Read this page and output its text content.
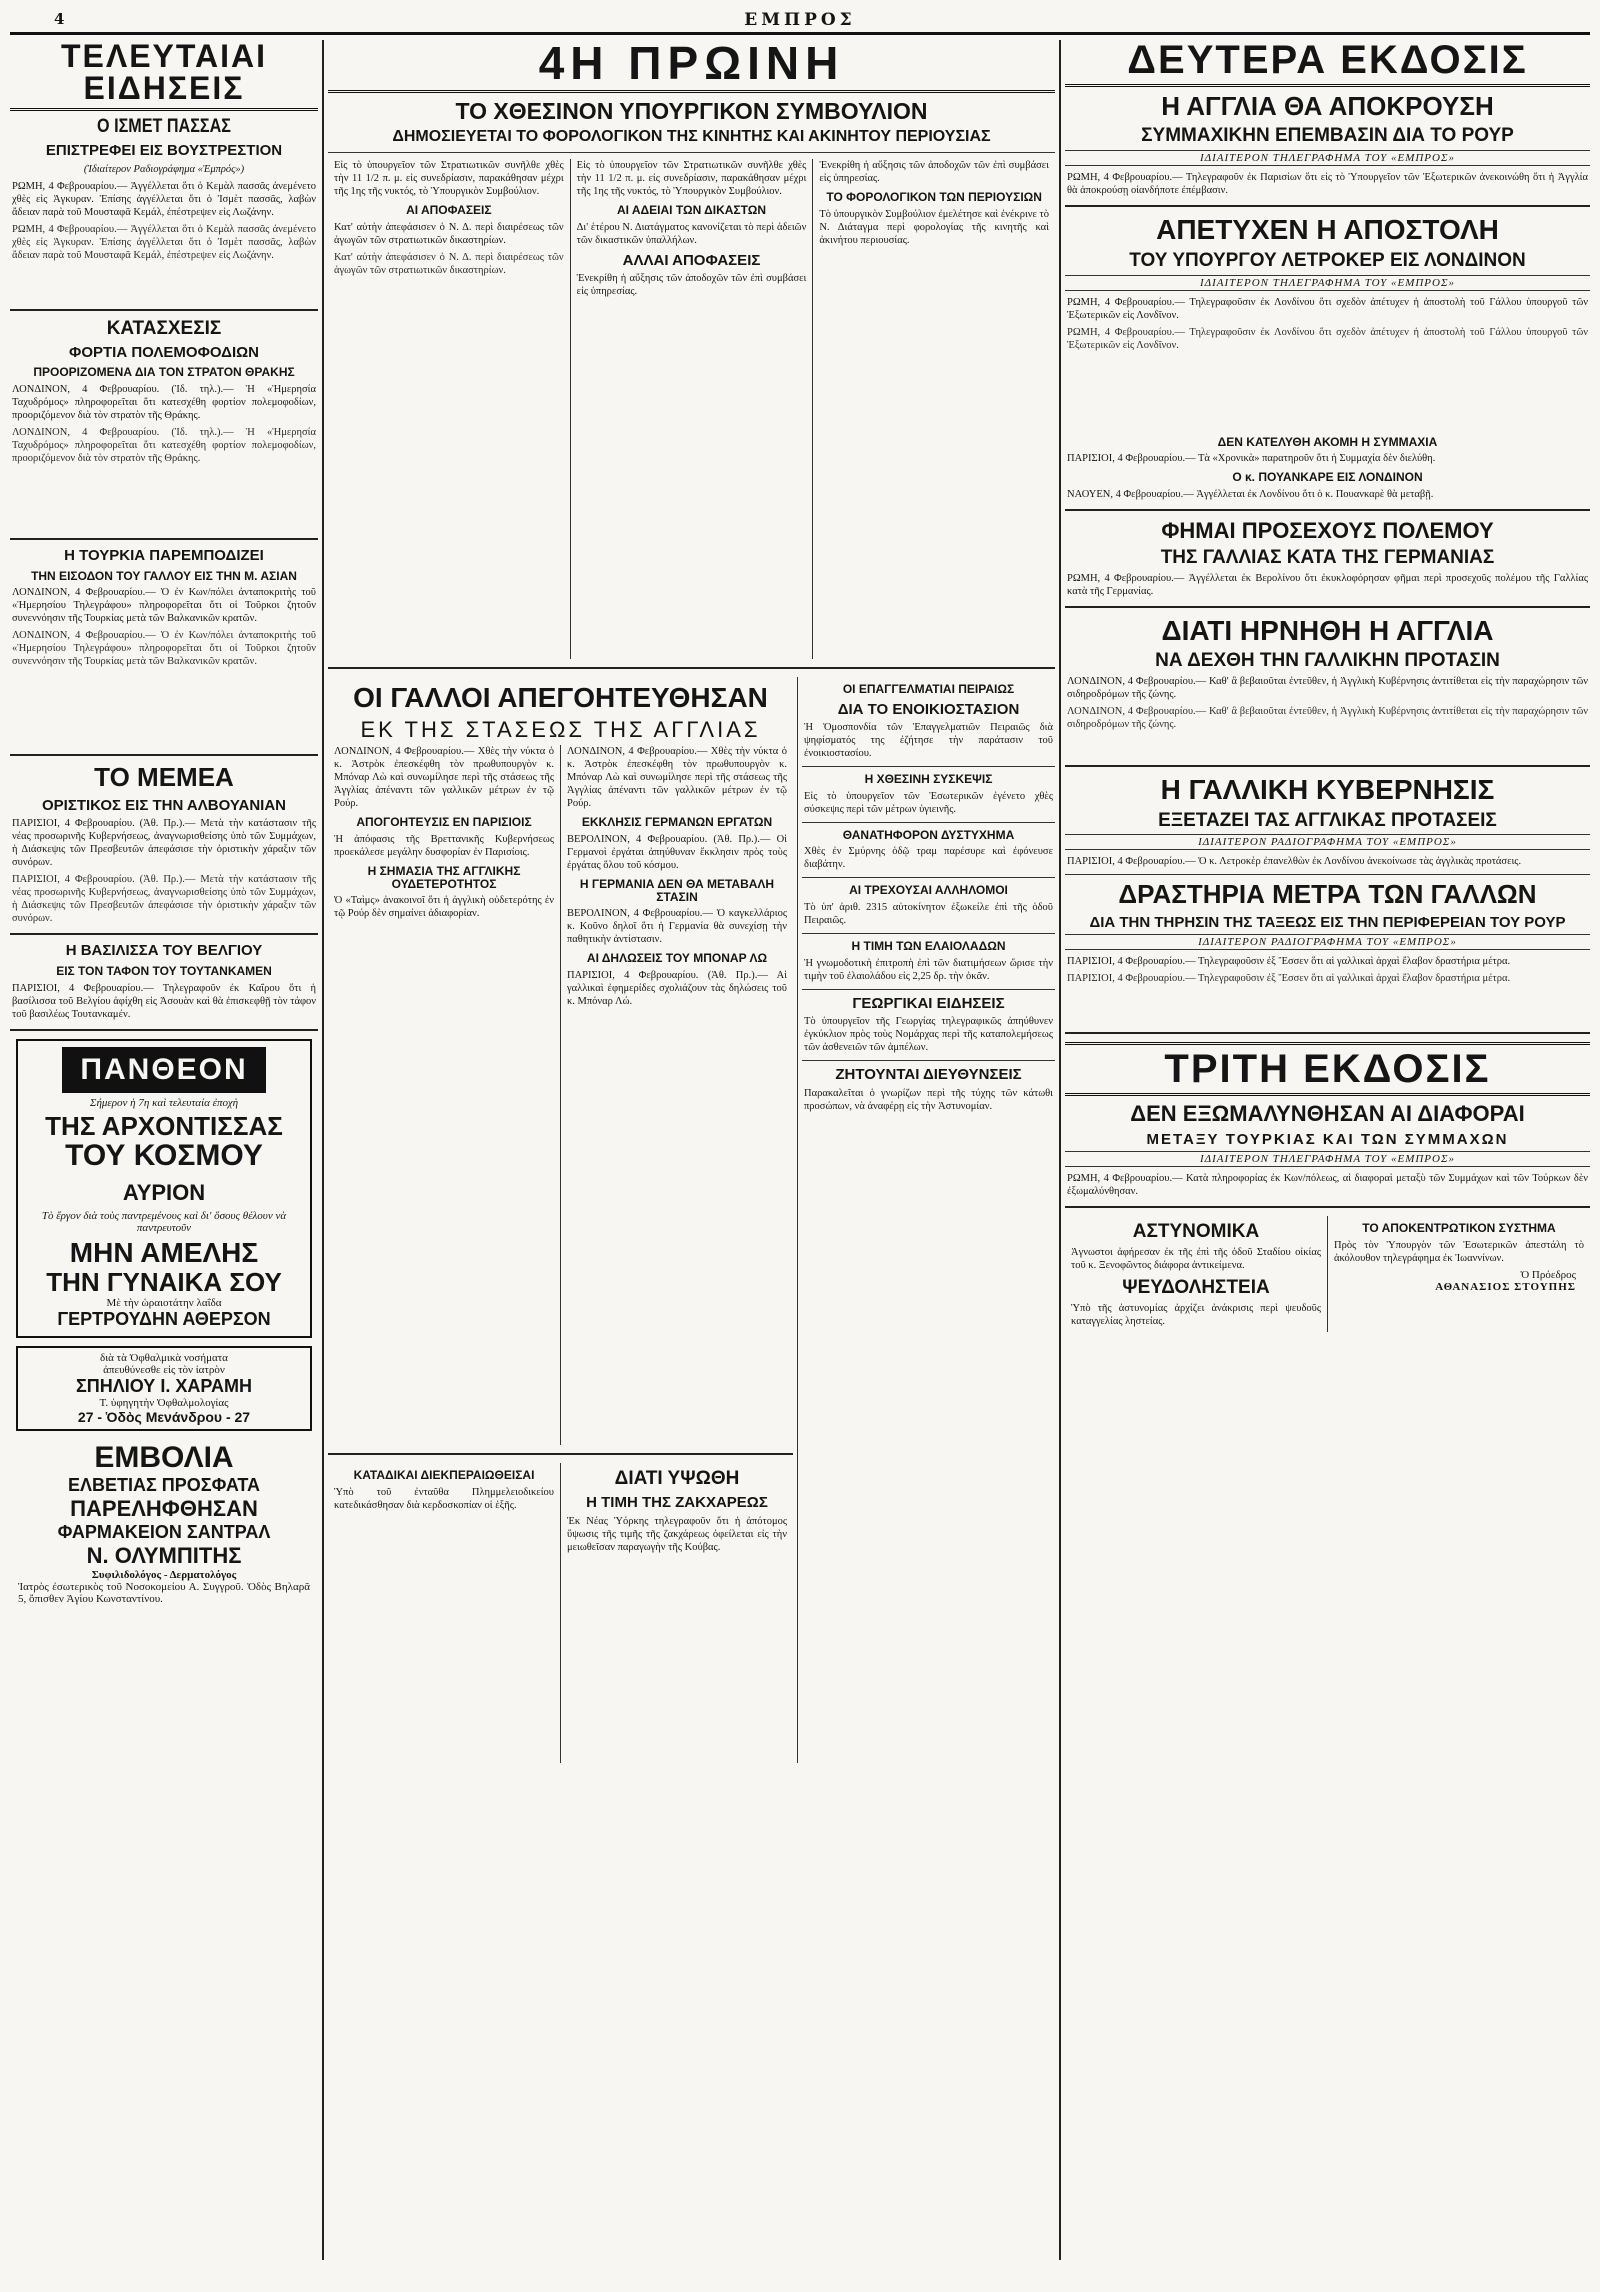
4	ΕΜΠΡΟΣ
ΤΕΛΕΥΤΑΙΑΙ ΕΙΔΗΣΕΙΣ
Ο ΙΣΜΕΤ ΠΑΣΣΑΣ
ΕΠΙΣΤΡΕΦΕΙ ΕΙΣ ΒΟΥΣΤΡΕΣΤΙΟΝ
(Ἰδιαίτερον Ραδιογράφημα «Ἐμπρός»)

ΡΩΜΗ, 4 Φεβρουαρίου.— Ἀγγέλλεται ὅτι ὁ Κεμὰλ πασσᾶς ἀνεμένετο χθὲς εἰς Ἀγκυραν. Ἐπίσης ἀγγέλλεται ὅτι ὁ Ἰσμὲτ πασσᾶς, λαβὼν ἄδειαν παρὰ τοῦ Μουσταφᾶ Κεμάλ, ἐπέστρεψεν εἰς Λωζάνην.

ΡΩΜΗ, 4 Φεβρουαρίου.— Ἀγγέλλεται ὅτι ὁ Κεμὰλ πασσᾶς ἀνεμένετο χθὲς εἰς Ἀγκυραν. Ἐπίσης ἀγγέλλεται ὅτι ὁ Ἰσμὲτ πασσᾶς, λαβὼν ἄδειαν παρὰ τοῦ Μουσταφᾶ Κεμάλ, ἐπέστρεψεν εἰς Λωζάνην.
ΚΑΤΑΣΧΕΣΙΣ
ΦΟΡΤΙΑ ΠΟΛΕΜΟΦΟΔΙΩΝ
ΠΡΟΟΡΙΖΟΜΕΝΑ ΔΙΑ ΤΟΝ ΣΤΡΑΤΟΝ ΘΡΑΚΗΣ

ΛΟΝΔΙΝΟΝ, 4 Φεβρουαρίου. (Ἰδ. τηλ.).— Ἡ «Ἡμερησία Ταχυδρόμος» πληροφορεῖται ὅτι κατεσχέθη φορτίον πολεμοφοδίων, προοριζόμενον διὰ τὸν στρατὸν τῆς Θράκης.

ΛΟΝΔΙΝΟΝ, 4 Φεβρουαρίου. (Ἰδ. τηλ.).— Ἡ «Ἡμερησία Ταχυδρόμος» πληροφορεῖται ὅτι κατεσχέθη φορτίον πολεμοφοδίων, προοριζόμενον διὰ τὸν στρατὸν τῆς Θράκης.
Η ΤΟΥΡΚΙΑ ΠΑΡΕΜΠΟΔΙΖΕΙ
ΤΗΝ ΕΙΣΟΔΟΝ ΤΟΥ ΓΑΛΛΟΥ ΕΙΣ ΤΗΝ Μ. ΑΣΙΑΝ

ΛΟΝΔΙΝΟΝ, 4 Φεβρουαρίου.— Ὁ ἐν Κων/πόλει ἀνταποκριτὴς τοῦ «Ἡμερησίου Τηλεγράφου» πληροφορεῖται ὅτι οἱ Τοῦρκοι ζητοῦν συνεννόησιν τῆς Τουρκίας μετὰ τῶν Βαλκανικῶν κρατῶν.

ΛΟΝΔΙΝΟΝ, 4 Φεβρουαρίου.— Ὁ ἐν Κων/πόλει ἀνταποκριτὴς τοῦ «Ἡμερησίου Τηλεγράφου» πληροφορεῖται ὅτι οἱ Τοῦρκοι ζητοῦν συνεννόησιν τῆς Τουρκίας μετὰ τῶν Βαλκανικῶν κρατῶν.
ΤΟ ΜΕΜΕΑ
ΟΡΙΣΤΙΚΟΣ ΕΙΣ ΤΗΝ ΑΛΒΟΥΑΝΙΑΝ

ΠΑΡΙΣΙΟΙ, 4 Φεβρουαρίου. (Ἀθ. Πρ.).— Μετὰ τὴν κατάστασιν τῆς νέας προσωρινῆς Κυβερνήσεως, ἀναγνωρισθείσης ὑπὸ τῶν Συμμάχων, ἡ Διάσκεψις τῶν Πρεσβευτῶν ἀπεφάσισε τὴν ὀριστικὴν χάραξιν τῶν συνόρων.

ΠΑΡΙΣΙΟΙ, 4 Φεβρουαρίου. (Ἀθ. Πρ.).— Μετὰ τὴν κατάστασιν τῆς νέας προσωρινῆς Κυβερνήσεως, ἀναγνωρισθείσης ὑπὸ τῶν Συμμάχων, ἡ Διάσκεψις τῶν Πρεσβευτῶν ἀπεφάσισε τὴν ὀριστικὴν χάραξιν τῶν συνόρων.
Η ΒΑΣΙΛΙΣΣΑ ΤΟΥ ΒΕΛΓΙΟΥ
ΕΙΣ ΤΟΝ ΤΑΦΟΝ ΤΟΥ ΤΟΥΤΑΝΚΑΜΕΝ

ΠΑΡΙΣΙΟΙ, 4 Φεβρουαρίου.— Τηλεγραφοῦν ἐκ Καΐρου ὅτι ἡ βασίλισσα τοῦ Βελγίου ἀφίχθη εἰς Ἀσουὰν καὶ θὰ ἐπισκεφθῇ τὸν τάφον τοῦ βασιλέως Τουτανκαμέν.

ΠΑΝΘΕΟΝ
Σήμερον ἡ 7η καὶ τελευταία ἐποχὴ
ΤΗΣ ΑΡΧΟΝΤΙΣΣΑΣ
ΤΟΥ ΚΟΣΜΟΥ
ΑΥΡΙΟΝ
Τὸ ἔργον διὰ τοὺς παντρεμένους καὶ δι' ὅσους θέλουν νὰ παντρευτοῦν
ΜΗΝ ΑΜΕΛΗΣ
ΤΗΝ ΓΥΝΑΙΚΑ ΣΟΥ
Μὲ τὴν ὡραιοτάτην λαΐδα
ΓΕΡΤΡΟΥΔΗΝ ΑΘΕΡΣΟΝ
διὰ τὰ Ὀφθαλμικὰ νοσήματα
ἀπευθύνεσθε εἰς τὸν ἰατρὸν
ΣΠΗΛΙΟΥ Ι. ΧΑΡΑΜΗ
Τ. ὑφηγητὴν Ὀφθαλμολογίας
27 - Ὁδὸς Μενάνδρου - 27
ΕΜΒΟΛΙΑ
ΕΛΒΕΤΙΑΣ ΠΡΟΣΦΑΤΑ
ΠΑΡΕΛΗΦΘΗΣΑΝ
ΦΑΡΜΑΚΕΙΟΝ ΣΑΝΤΡΑΛ
Ν. ΟΛΥΜΠΙΤΗΣ
Συφιλιδολόγος - Δερματολόγος
Ἰατρὸς ἐσωτερικὸς τοῦ Νοσοκομείου Α. Συγγροῦ. Ὁδὸς Βηλαρᾶ 5, ὄπισθεν Ἁγίου Κωνσταντίνου.
4Η ΠΡΩΙΝΗ
ΤΟ ΧΘΕΣΙΝΟΝ ΥΠΟΥΡΓΙΚΟΝ ΣΥΜΒΟΥΛΙΟΝ
ΔΗΜΟΣΙΕΥΕΤΑΙ ΤΟ ΦΟΡΟΛΟΓΙΚΟΝ ΤΗΣ ΚΙΝΗΤΗΣ ΚΑΙ ΑΚΙΝΗΤΟΥ ΠΕΡΙΟΥΣΙΑΣ

Εἰς τὸ ὑπουργεῖον τῶν Στρατιωτικῶν συνῆλθε χθὲς τὴν 11 1/2 π. μ. εἰς συνεδρίασιν, παρακάθησαν μέχρι τῆς 1ης τῆς νυκτός, τὸ Ὑπουργικὸν Συμβούλιον.

ΑΙ ΑΠΟΦΑΣΕΙΣ

Κατ' αὐτὴν ἀπεφάσισεν ὁ Ν. Δ. περὶ διαιρέσεως τῶν ἀγωγῶν τῶν στρατιωτικῶν δικαστηρίων.

Κατ' αὐτὴν ἀπεφάσισεν ὁ Ν. Δ. περὶ διαιρέσεως τῶν ἀγωγῶν τῶν στρατιωτικῶν δικαστηρίων.

Εἰς τὸ ὑπουργεῖον τῶν Στρατιωτικῶν συνῆλθε χθὲς τὴν 11 1/2 π. μ. εἰς συνεδρίασιν, παρακάθησαν μέχρι τῆς 1ης τῆς νυκτός, τὸ Ὑπουργικὸν Συμβούλιον.

ΑΙ ΑΔΕΙΑΙ ΤΩΝ ΔΙΚΑΣΤΩΝ

Δι' ἑτέρου Ν. Διατάγματος κανονίζεται τὸ περὶ ἀδειῶν τῶν δικαστικῶν ὑπαλλήλων.

ΑΛΛΑΙ ΑΠΟΦΑΣΕΙΣ

Ἐνεκρίθη ἡ αὔξησις τῶν ἀποδοχῶν τῶν ἐπὶ συμβάσει εἰς ὑπηρεσίας.

Ἐνεκρίθη ἡ αὔξησις τῶν ἀποδοχῶν τῶν ἐπὶ συμβάσει εἰς ὑπηρεσίας.

ΤΟ ΦΟΡΟΛΟΓΙΚΟΝ ΤΩΝ ΠΕΡΙΟΥΣΙΩΝ

Τὸ ὑπουργικὸν Συμβούλιον ἐμελέτησε καὶ ἐνέκρινε τὸ Ν. Διάταγμα περὶ φορολογίας τῆς κινητῆς καὶ ἀκινήτου περιουσίας.

ΟΙ ΓΑΛΛΟΙ ΑΠΕΓΟΗΤΕΥΘΗΣΑΝ
ΕΚ ΤΗΣ ΣΤΑΣΕΩΣ ΤΗΣ ΑΓΓΛΙΑΣ

ΛΟΝΔΙΝΟΝ, 4 Φεβρουαρίου.— Χθὲς τὴν νύκτα ὁ κ. Ἀστρὸκ ἐπεσκέφθη τὸν πρωθυπουργὸν κ. Μπόναρ Λὼ καὶ συνωμίλησε περὶ τῆς στάσεως τῆς Ἀγγλίας ἀπέναντι τῶν γαλλικῶν μέτρων ἐν τῷ Ρούρ.

ΑΠΟΓΟΗΤΕΥΣΙΣ ΕΝ ΠΑΡΙΣΙΟΙΣ

Ἡ ἀπόφασις τῆς Βρεττανικῆς Κυβερνήσεως προεκάλεσε μεγάλην δυσφορίαν ἐν Παρισίοις.

Η ΣΗΜΑΣΙΑ ΤΗΣ ΑΓΓΛΙΚΗΣ ΟΥΔΕΤΕΡΟΤΗΤΟΣ

Ὁ «Ταὶμς» ἀνακοινοῖ ὅτι ἡ ἀγγλικὴ οὐδετερότης ἐν τῷ Ρούρ δὲν σημαίνει ἀδιαφορίαν.

ΛΟΝΔΙΝΟΝ, 4 Φεβρουαρίου.— Χθὲς τὴν νύκτα ὁ κ. Ἀστρὸκ ἐπεσκέφθη τὸν πρωθυπουργὸν κ. Μπόναρ Λὼ καὶ συνωμίλησε περὶ τῆς στάσεως τῆς Ἀγγλίας ἀπέναντι τῶν γαλλικῶν μέτρων ἐν τῷ Ρούρ.

ΕΚΚΛΗΣΙΣ ΓΕΡΜΑΝΩΝ ΕΡΓΑΤΩΝ

ΒΕΡΟΛΙΝΟΝ, 4 Φεβρουαρίου. (Ἀθ. Πρ.).— Οἱ Γερμανοὶ ἐργάται ἀπηύθυναν ἔκκλησιν πρὸς τοὺς ἐργάτας ὅλου τοῦ κόσμου.

Η ΓΕΡΜΑΝΙΑ ΔΕΝ ΘΑ ΜΕΤΑΒΑΛΗ ΣΤΑΣΙΝ

ΒΕΡΟΛΙΝΟΝ, 4 Φεβρουαρίου.— Ὁ καγκελλάριος κ. Κοῦνο δηλοῖ ὅτι ἡ Γερμανία θὰ συνεχίσῃ τὴν παθητικὴν ἀντίστασιν.

ΑΙ ΔΗΛΩΣΕΙΣ ΤΟΥ ΜΠΟΝΑΡ ΛΩ

ΠΑΡΙΣΙΟΙ, 4 Φεβρουαρίου. (Ἀθ. Πρ.).— Αἱ γαλλικαὶ ἐφημερίδες σχολιάζουν τὰς δηλώσεις τοῦ κ. Μπόναρ Λώ.

ΚΑΤΑΔΙΚΑΙ ΔΙΕΚΠΕΡΑΙΩΘΕΙΣΑΙ

Ὑπὸ τοῦ ἐνταῦθα Πλημμελειοδικείου κατεδικάσθησαν διὰ κερδοσκοπίαν οἱ ἑξῆς.

ΔΙΑΤΙ ΥΨΩΘΗ
Η ΤΙΜΗ ΤΗΣ ΖΑΚΧΑΡΕΩΣ

Ἐκ Νέας Ὑόρκης τηλεγραφοῦν ὅτι ἡ ἀπότομος ὕψωσις τῆς τιμῆς τῆς ζακχάρεως ὀφείλεται εἰς τὴν μειωθεῖσαν παραγωγὴν τῆς Κούβας.

ΟΙ ΕΠΑΓΓΕΛΜΑΤΙΑΙ ΠΕΙΡΑΙΩΣ
ΔΙΑ ΤΟ ΕΝΟΙΚΙΟΣΤΑΣΙΟΝ

Ἡ Ὁμοσπονδία τῶν Ἐπαγγελματιῶν Πειραιῶς διὰ ψηφίσματός της ἐζήτησε τὴν παράτασιν τοῦ ἐνοικιοστασίου.

Η ΧΘΕΣΙΝΗ ΣΥΣΚΕΨΙΣ

Εἰς τὸ ὑπουργεῖον τῶν Ἐσωτερικῶν ἐγένετο χθὲς σύσκεψις περὶ τῶν μέτρων ὑγιεινῆς.

ΘΑΝΑΤΗΦΟΡΟΝ ΔΥΣΤΥΧΗΜΑ

Χθὲς ἐν Σμύρνης ὁδῷ τραμ παρέσυρε καὶ ἐφόνευσε διαβάτην.

ΑΙ ΤΡΕΧΟΥΣΑΙ ΑΛΛΗΛΟΜΟΙ

Τὸ ὑπ' ἀριθ. 2315 αὐτοκίνητον ἐξωκείλε ἐπὶ τῆς ὁδοῦ Πειραιῶς.

Η ΤΙΜΗ ΤΩΝ ΕΛΑΙΟΛΑΔΩΝ

Ἡ γνωμοδοτικὴ ἐπιτροπὴ ἐπὶ τῶν διατιμήσεων ὥρισε τὴν τιμὴν τοῦ ἐλαιολάδου εἰς 2,25 δρ. τὴν ὀκᾶν.

ΓΕΩΡΓΙΚΑΙ ΕΙΔΗΣΕΙΣ

Τὸ ὑπουργεῖον τῆς Γεωργίας τηλεγραφικῶς ἀπηύθυνεν ἐγκύκλιον πρὸς τοὺς Νομάρχας περὶ τῆς καταπολεμήσεως τῶν ἀσθενειῶν τῶν ἀμπέλων.

ΖΗΤΟΥΝΤΑΙ ΔΙΕΥΘΥΝΣΕΙΣ

Παρακαλεῖται ὁ γνωρίζων περὶ τῆς τύχης τῶν κάτωθι προσώπων, νὰ ἀναφέρῃ εἰς τὴν Ἀστυνομίαν.

ΔΕΥΤΕΡΑ ΕΚΔΟΣΙΣ
Η ΑΓΓΛΙΑ ΘΑ ΑΠΟΚΡΟΥΣΗ
ΣΥΜΜΑΧΙΚΗΝ ΕΠΕΜΒΑΣΙΝ ΔΙΑ ΤΟ ΡΟΥΡ
ΙΔΙΑΙΤΕΡΟΝ ΤΗΛΕΓΡΑΦΗΜΑ ΤΟΥ «ΕΜΠΡΟΣ»

ΡΩΜΗ, 4 Φεβρουαρίου.— Τηλεγραφοῦν ἐκ Παρισίων ὅτι εἰς τὸ Ὑπουργεῖον τῶν Ἐξωτερικῶν ἀνεκοινώθη ὅτι ἡ Ἀγγλία θὰ ἀποκρούσῃ οἱανδήποτε ἐπέμβασιν.

ΑΠΕΤΥΧΕΝ Η ΑΠΟΣΤΟΛΗ
ΤΟΥ ΥΠΟΥΡΓΟΥ ΛΕΤΡΟΚΕΡ ΕΙΣ ΛΟΝΔΙΝΟΝ
ΙΔΙΑΙΤΕΡΟΝ ΤΗΛΕΓΡΑΦΗΜΑ ΤΟΥ «ΕΜΠΡΟΣ»

ΡΩΜΗ, 4 Φεβρουαρίου.— Τηλεγραφοῦσιν ἐκ Λονδίνου ὅτι σχεδὸν ἀπέτυχεν ἡ ἀποστολὴ τοῦ Γάλλου ὑπουργοῦ τῶν Ἐξωτερικῶν εἰς Λονδῖνον.

ΡΩΜΗ, 4 Φεβρουαρίου.— Τηλεγραφοῦσιν ἐκ Λονδίνου ὅτι σχεδὸν ἀπέτυχεν ἡ ἀποστολὴ τοῦ Γάλλου ὑπουργοῦ τῶν Ἐξωτερικῶν εἰς Λονδῖνον.
ΔΕΝ ΚΑΤΕΛΥΘΗ ΑΚΟΜΗ Η ΣΥΜΜΑΧΙΑ

ΠΑΡΙΣΙΟΙ, 4 Φεβρουαρίου.— Τὰ «Χρονικὰ» παρατηροῦν ὅτι ἡ Συμμαχία δὲν διελύθη.

Ο κ. ΠΟΥΑΝΚΑΡΕ ΕΙΣ ΛΟΝΔΙΝΟΝ

ΝΑΟΥΕΝ, 4 Φεβρουαρίου.— Ἀγγέλλεται ἐκ Λονδίνου ὅτι ὁ κ. Πουανκαρὲ θὰ μεταβῇ.

ΦΗΜΑΙ ΠΡΟΣΕΧΟΥΣ ΠΟΛΕΜΟΥ
ΤΗΣ ΓΑΛΛΙΑΣ ΚΑΤΑ ΤΗΣ ΓΕΡΜΑΝΙΑΣ

ΡΩΜΗ, 4 Φεβρουαρίου.— Ἀγγέλλεται ἐκ Βερολίνου ὅτι ἐκυκλοφόρησαν φῆμαι περὶ προσεχοῦς πολέμου τῆς Γαλλίας κατὰ τῆς Γερμανίας.

ΔΙΑΤΙ ΗΡΝΗΘΗ Η ΑΓΓΛΙΑ
ΝΑ ΔΕΧΘΗ ΤΗΝ ΓΑΛΛΙΚΗΝ ΠΡΟΤΑΣΙΝ

ΛΟΝΔΙΝΟΝ, 4 Φεβρουαρίου.— Καθ' ἃ βεβαιοῦται ἐντεῦθεν, ἡ Ἀγγλικὴ Κυβέρνησις ἀντιτίθεται εἰς τὴν παραχώρησιν τῶν σιδηροδρόμων τῆς ζώνης.

ΛΟΝΔΙΝΟΝ, 4 Φεβρουαρίου.— Καθ' ἃ βεβαιοῦται ἐντεῦθεν, ἡ Ἀγγλικὴ Κυβέρνησις ἀντιτίθεται εἰς τὴν παραχώρησιν τῶν σιδηροδρόμων τῆς ζώνης.
Η ΓΑΛΛΙΚΗ ΚΥΒΕΡΝΗΣΙΣ
ΕΞΕΤΑΖΕΙ ΤΑΣ ΑΓΓΛΙΚΑΣ ΠΡΟΤΑΣΕΙΣ
ΙΔΙΑΙΤΕΡΟΝ ΡΑΔΙΟΓΡΑΦΗΜΑ ΤΟΥ «ΕΜΠΡΟΣ»

ΠΑΡΙΣΙΟΙ, 4 Φεβρουαρίου.— Ὁ κ. Λετροκὲρ ἐπανελθὼν ἐκ Λονδίνου ἀνεκοίνωσε τὰς ἀγγλικὰς προτάσεις.

ΔΡΑΣΤΗΡΙΑ ΜΕΤΡΑ ΤΩΝ ΓΑΛΛΩΝ
ΔΙΑ ΤΗΝ ΤΗΡΗΣΙΝ ΤΗΣ ΤΑΞΕΩΣ ΕΙΣ ΤΗΝ ΠΕΡΙΦΕΡΕΙΑΝ ΤΟΥ ΡΟΥΡ
ΙΔΙΑΙΤΕΡΟΝ ΡΑΔΙΟΓΡΑΦΗΜΑ ΤΟΥ «ΕΜΠΡΟΣ»

ΠΑΡΙΣΙΟΙ, 4 Φεβρουαρίου.— Τηλεγραφοῦσιν ἐξ Ἔσσεν ὅτι αἱ γαλλικαὶ ἀρχαὶ ἔλαβον δραστήρια μέτρα.

ΠΑΡΙΣΙΟΙ, 4 Φεβρουαρίου.— Τηλεγραφοῦσιν ἐξ Ἔσσεν ὅτι αἱ γαλλικαὶ ἀρχαὶ ἔλαβον δραστήρια μέτρα.
ΤΡΙΤΗ ΕΚΔΟΣΙΣ
ΔΕΝ ΕΞΩΜΑΛΥΝΘΗΣΑΝ ΑΙ ΔΙΑΦΟΡΑΙ
ΜΕΤΑΞΥ ΤΟΥΡΚΙΑΣ ΚΑΙ ΤΩΝ ΣΥΜΜΑΧΩΝ
ΙΔΙΑΙΤΕΡΟΝ ΤΗΛΕΓΡΑΦΗΜΑ ΤΟΥ «ΕΜΠΡΟΣ»

ΡΩΜΗ, 4 Φεβρουαρίου.— Κατὰ πληροφορίας ἐκ Κων/πόλεως, αἱ διαφοραὶ μεταξὺ τῶν Συμμάχων καὶ τῶν Τούρκων δὲν ἐξωμαλύνθησαν.

ΑΣΤΥΝΟΜΙΚΑ

Ἀγνωστοι ἀφήρεσαν ἐκ τῆς ἐπὶ τῆς ὁδοῦ Σταδίου οἰκίας τοῦ κ. Ξενοφῶντος διάφορα ἀντικείμενα.

ΨΕΥΔΟΛΗΣΤΕΙΑ

Ὑπὸ τῆς ἀστυνομίας ἀρχίζει ἀνάκρισις περὶ ψευδοῦς καταγγελίας ληστείας.

ΤΟ ΑΠΟΚΕΝΤΡΩΤΙΚΟΝ ΣΥΣΤΗΜΑ

Πρὸς τὸν Ὑπουργὸν τῶν Ἐσωτερικῶν ἀπεστάλη τὸ ἀκόλουθον τηλεγράφημα ἐκ Ἰωαννίνων.

Ὁ Πρόεδρος
ΑΘΑΝΑΣΙΟΣ ΣΤΟΥΠΗΣ
